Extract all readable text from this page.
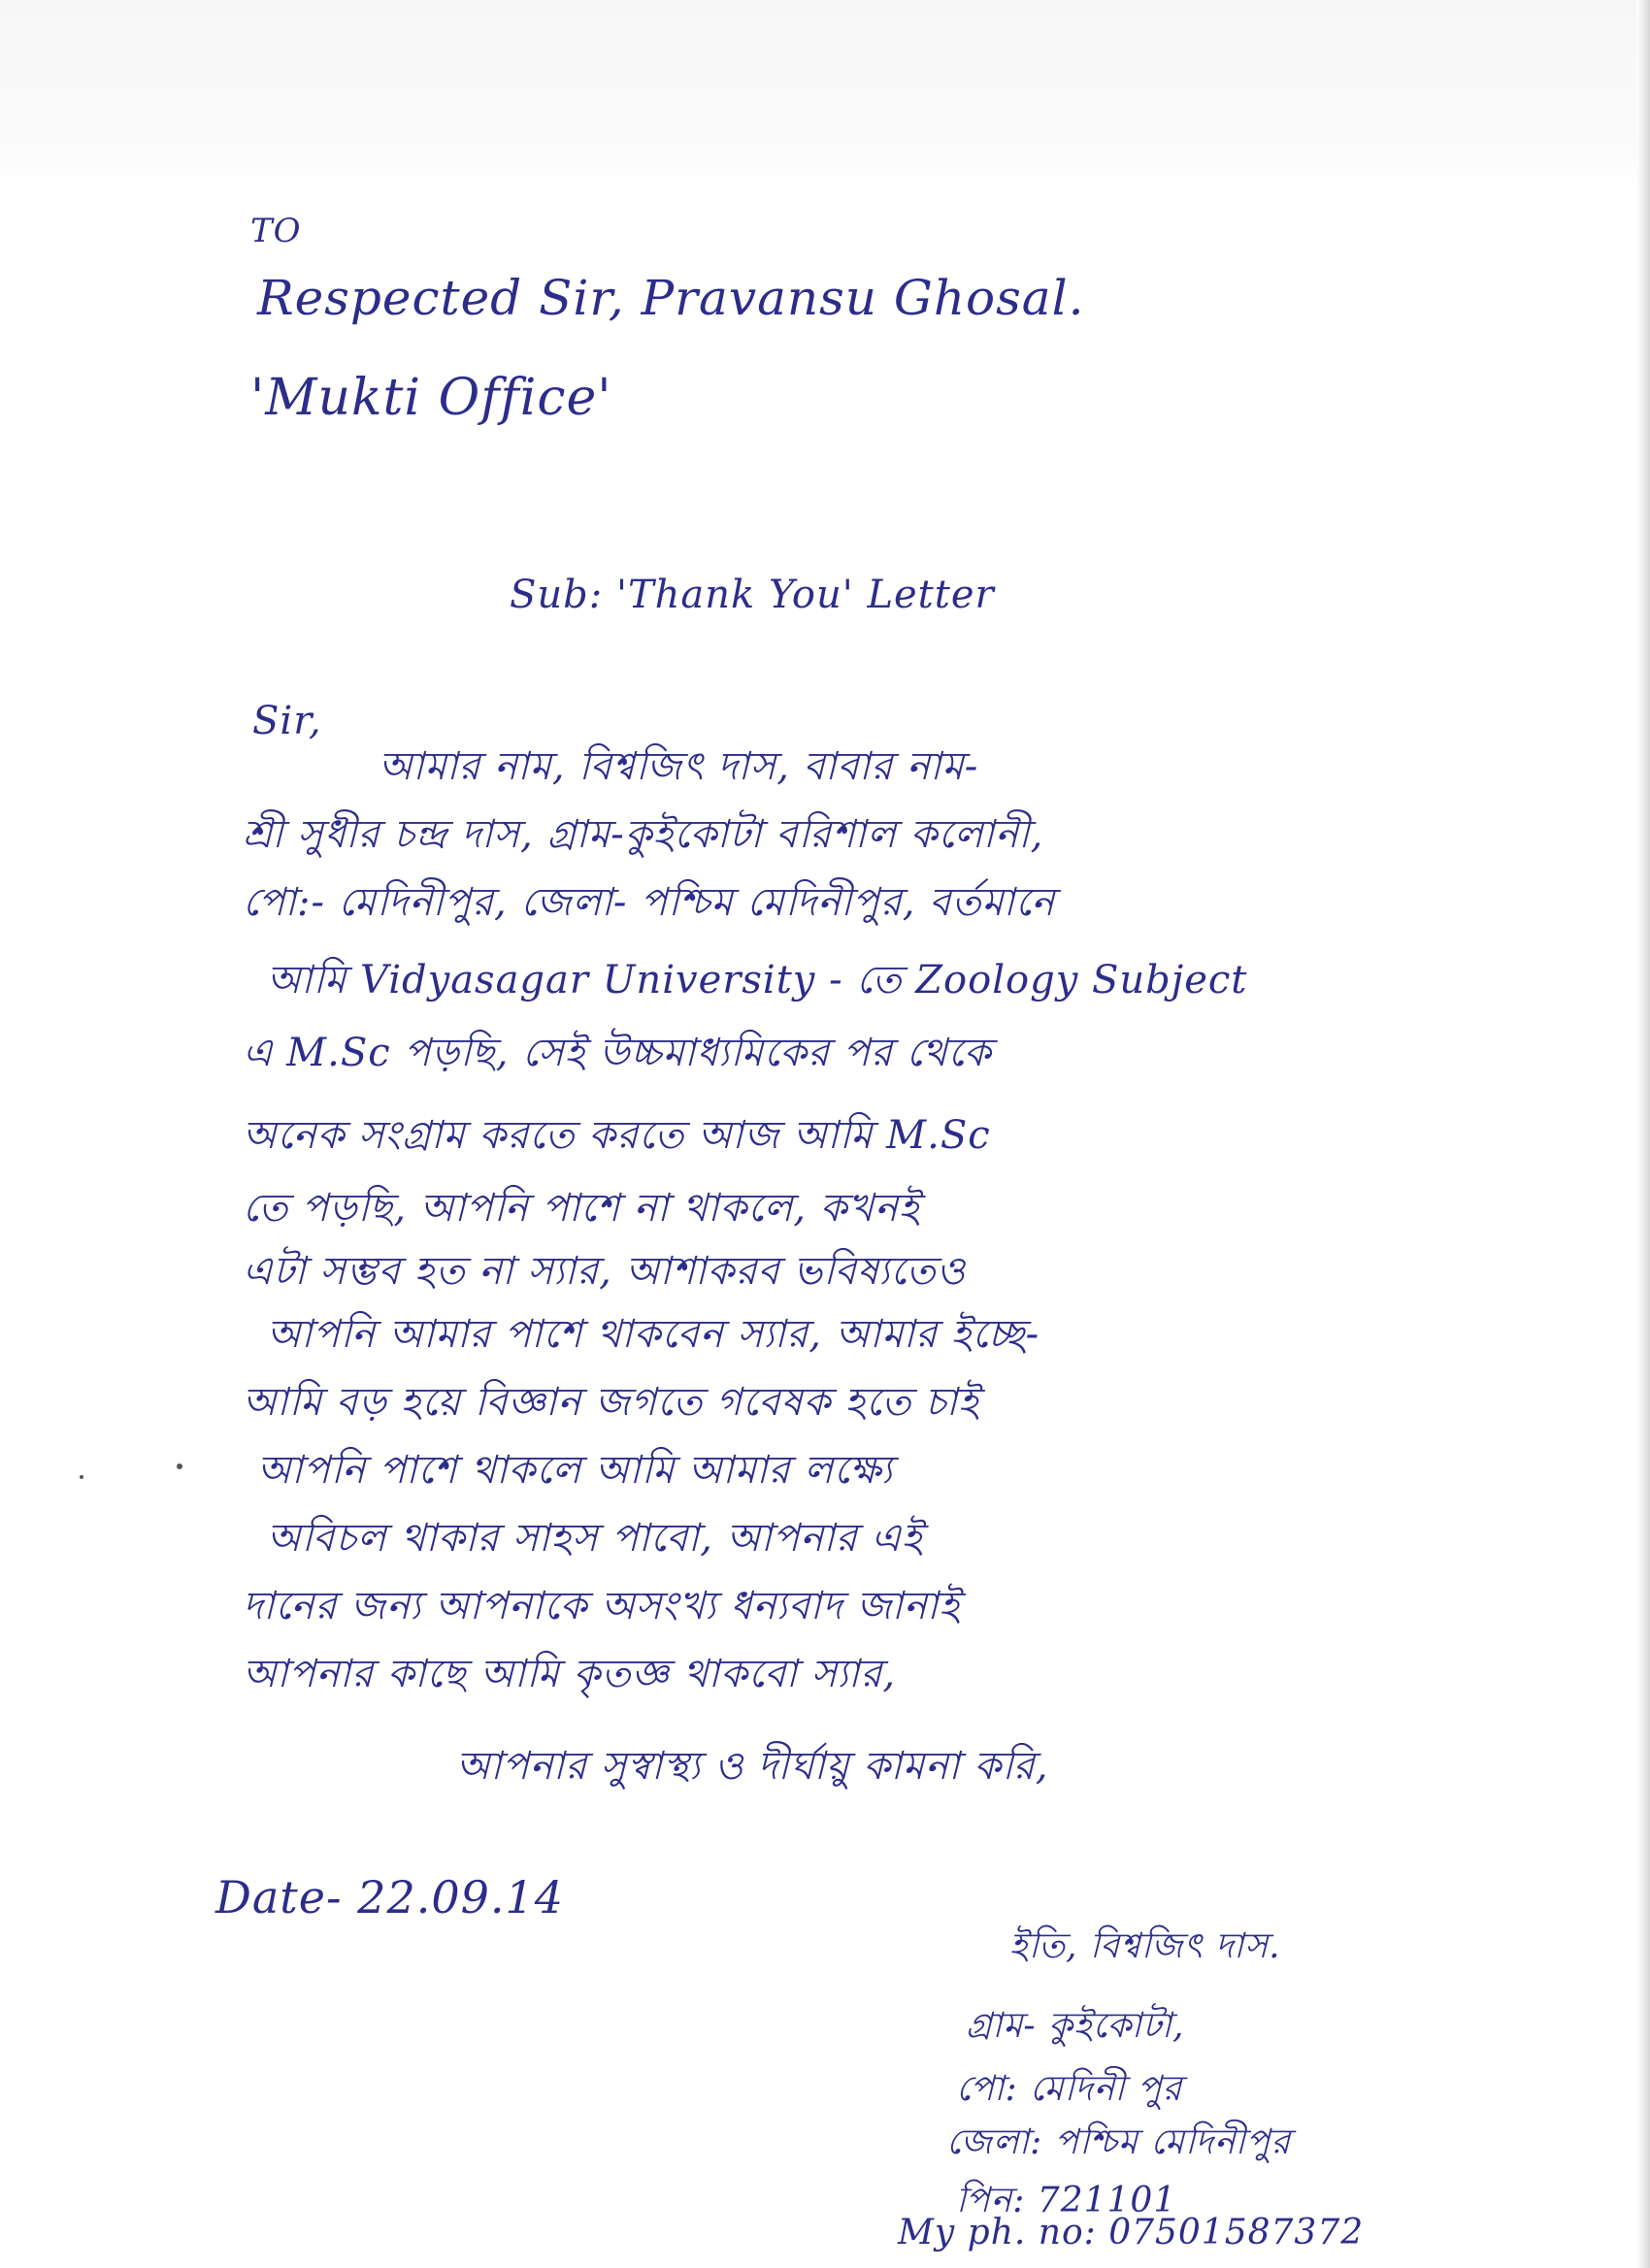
TO
Respected Sir, Pravansu Ghosal.
'Mukti Office'
Sub: 'Thank You' Letter
Sir,
আমার নাম, বিশ্বজিৎ দাস, বাবার নাম-
শ্রী সুধীর চন্দ্র দাস, গ্রাম-কুইকোটা বরিশাল কলোনী,
পো:- মেদিনীপুর, জেলা- পশ্চিম মেদিনীপুর, বর্তমানে
আমি Vidyasagar University - তে Zoology Subject
এ M.Sc পড়ছি, সেই উচ্চমাধ্যমিকের পর থেকে
অনেক সংগ্রাম করতে করতে আজ আমি M.Sc
তে পড়ছি, আপনি পাশে না থাকলে, কখনই
এটা সম্ভব হত না স্যার, আশাকরব ভবিষ্যতেও
আপনি আমার পাশে থাকবেন স্যার, আমার ইচ্ছে-
আমি বড় হয়ে বিজ্ঞান জগতে গবেষক হতে চাই
আপনি পাশে থাকলে আমি আমার লক্ষ্যে
অবিচল থাকার সাহস পাবো, আপনার এই
দানের জন্য আপনাকে অসংখ্য ধন্যবাদ জানাই
আপনার কাছে আমি কৃতজ্ঞ থাকবো স্যার,
আপনার সুস্বাস্থ্য ও দীর্ঘায়ু কামনা করি,
Date- 22.09.14
ইতি, বিশ্বজিৎ দাস.
গ্রাম- কুইকোটা,
পো: মেদিনী পুর
জেলা: পশ্চিম মেদিনীপুর
পিন: 721101
My ph. no: 07501587372
